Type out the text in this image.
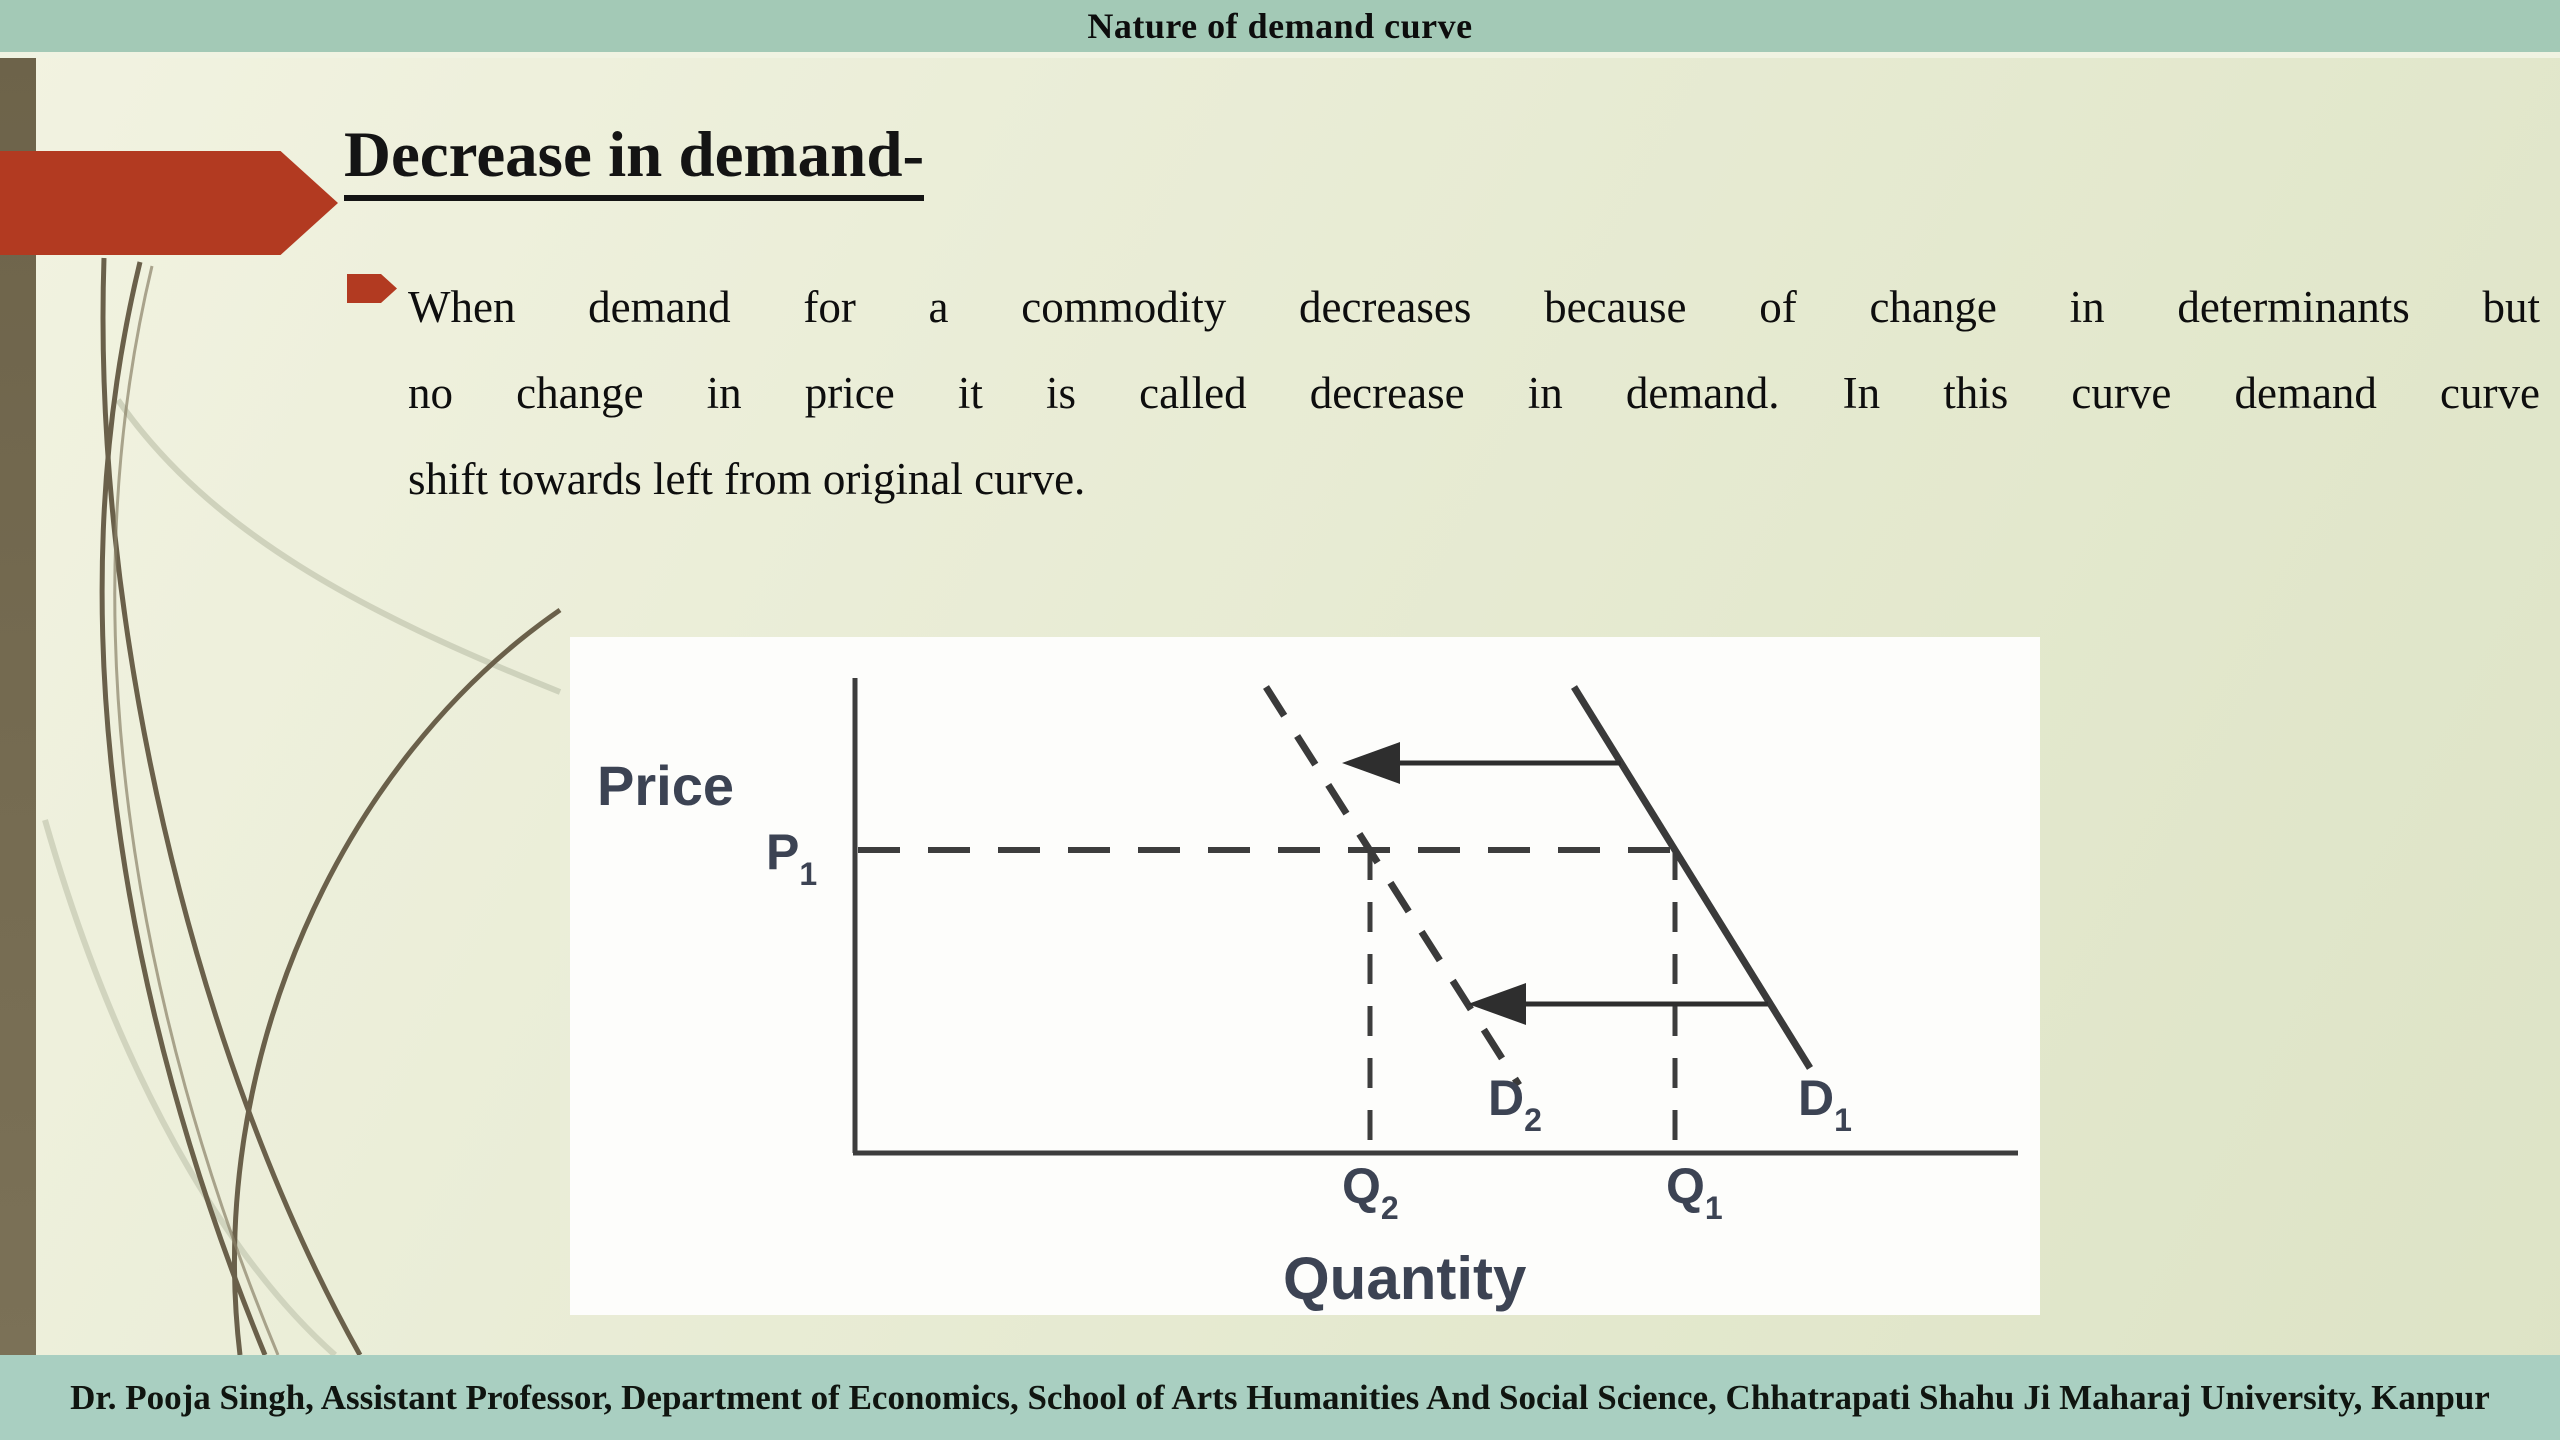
Nature of demand curve
Decrease in demand-
When demand for a commodity decreases because of change in determinants but
no change in price it is called decrease in demand. In this curve demand curve
shift towards left from original curve.
Price
Quantity
$P_1$
$Q_2$	$Q_1$
$D_2$	$D_1$
Dr. Pooja Singh, Assistant Professor, Department of Economics, School of Arts Humanities And Social Science, Chhatrapati Shahu Ji Maharaj University, Kanpur
